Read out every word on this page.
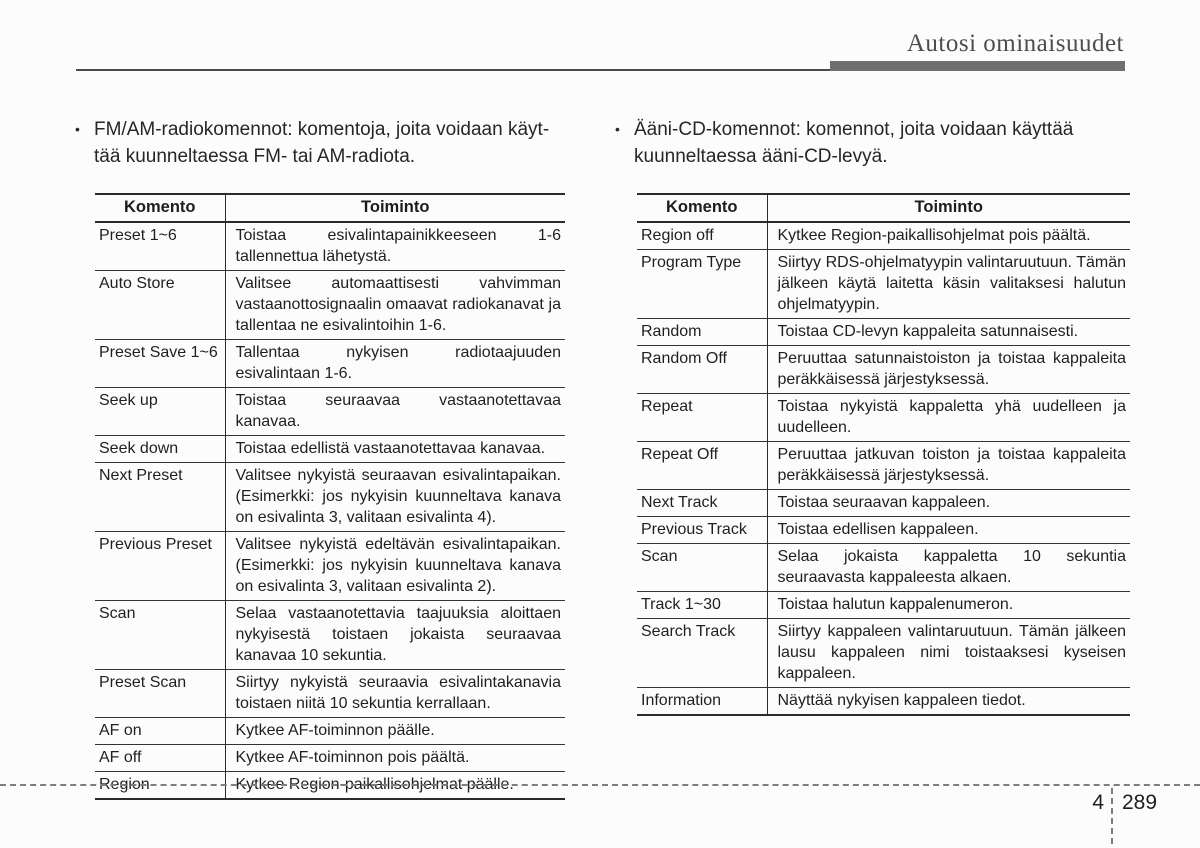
Autosi ominaisuudet
• FM/AM-radiokomennot: komentoja, joita voidaan käyt-
tää kuunneltaessa FM- tai AM-radiota.
Komento	Toiminto
Preset 1~6	Toistaa esivalintapainikkeeseen 1-6 tallennettua lähetystä.
Auto Store	Valitsee automaattisesti vahvimman vastaanottosignaalin omaavat radiokanavat ja tallentaa ne esivalintoihin 1-6.
Preset Save 1~6	Tallentaa nykyisen radiotaajuuden esivalintaan 1-6.
Seek up	Toistaa seuraavaa vastaanotettavaa kanavaa.
Seek down	Toistaa edellistä vastaanotettavaa kanavaa.
Next Preset	Valitsee nykyistä seuraavan esivalintapaikan. (Esimerkki: jos nykyisin kuunneltava kanava on esivalinta 3, valitaan esivalinta 4).
Previous Preset	Valitsee nykyistä edeltävän esivalintapaikan. (Esimerkki: jos nykyisin kuunneltava kanava on esivalinta 3, valitaan esivalinta 2).
Scan	Selaa vastaanotettavia taajuuksia aloittaen nykyisestä toistaen jokaista seuraavaa kanavaa 10 sekuntia.
Preset Scan	Siirtyy nykyistä seuraavia esivalintakanavia toistaen niitä 10 sekuntia kerrallaan.
AF on	Kytkee AF-toiminnon päälle.
AF off	Kytkee AF-toiminnon pois päältä.
Region	Kytkee Region-paikallisohjelmat päälle.
• Ääni-CD-komennot: komennot, joita voidaan käyttää
kuunneltaessa ääni-CD-levyä.
Komento	Toiminto
Region off	Kytkee Region-paikallisohjelmat pois päältä.
Program Type	Siirtyy RDS-ohjelmatyypin valintaruutuun. Tämän jälkeen käytä laitetta käsin valitaksesi halutun ohjelmatyypin.
Random	Toistaa CD-levyn kappaleita satunnaisesti.
Random Off	Peruuttaa satunnaistoiston ja toistaa kappaleita peräkkäisessä järjestyksessä.
Repeat	Toistaa nykyistä kappaletta yhä uudelleen ja uudelleen.
Repeat Off	Peruuttaa jatkuvan toiston ja toistaa kappaleita peräkkäisessä järjestyksessä.
Next Track	Toistaa seuraavan kappaleen.
Previous Track	Toistaa edellisen kappaleen.
Scan	Selaa jokaista kappaletta 10 sekuntia seuraavasta kappaleesta alkaen.
Track 1~30	Toistaa halutun kappalenumeron.
Search Track	Siirtyy kappaleen valintaruutuun. Tämän jälkeen lausu kappaleen nimi toistaaksesi kyseisen kappaleen.
Information	Näyttää nykyisen kappaleen tiedot.
4 289
